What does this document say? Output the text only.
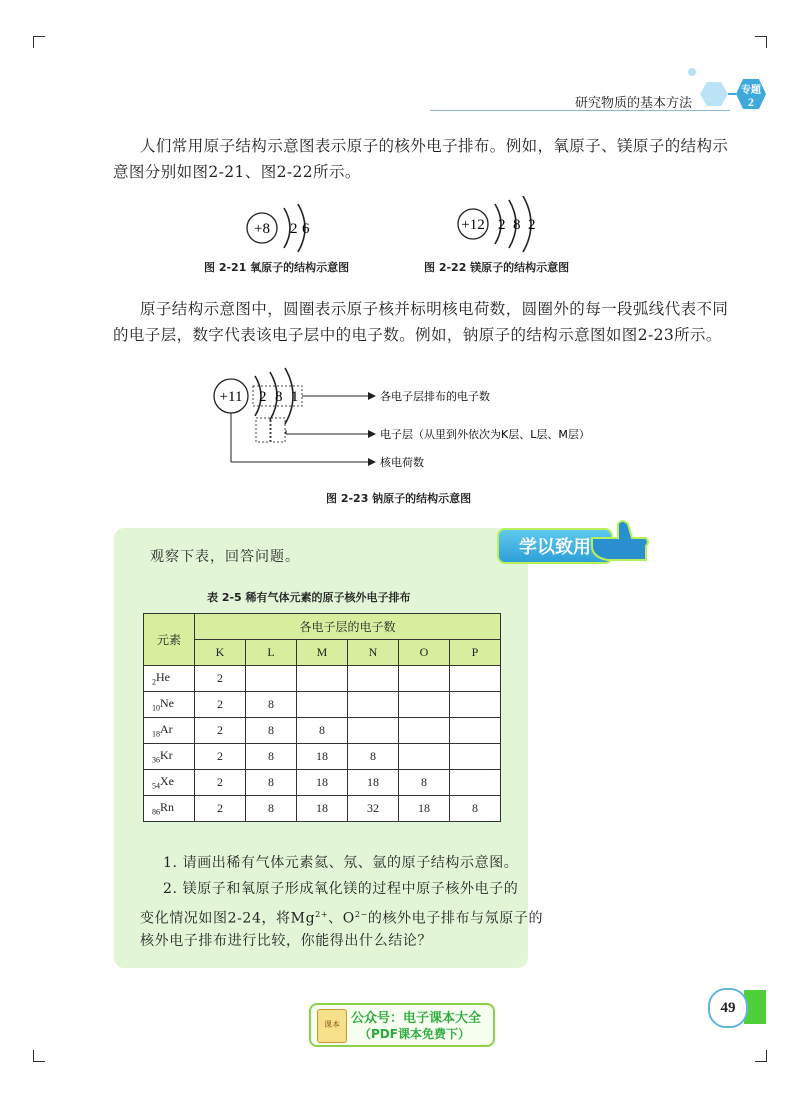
研究物质的基本方法
专题
2
人们常用原子结构示意图表示原子的核外电子排布。例如，氧原子、镁原子的结构示
意图分别如图2-21、图2-22所示。
+8 2 6
图 2-21 氧原子的结构示意图
+12 2 8 2
图 2-22 镁原子的结构示意图
原子结构示意图中，圆圈表示原子核并标明核电荷数，圆圈外的每一段弧线代表不同
的电子层，数字代表该电子层中的电子数。例如，钠原子的结构示意图如图2-23所示。
+11 2 8 1	各电子层排布的电子数
电子层（从里到外依次为K层、L层、M层）
核电荷数
图 2-23 钠原子的结构示意图
学以致用
观察下表，回答问题。
表 2-5 稀有气体元素的原子核外电子排布
元素	各电子层的电子数					
	K	L	M	N	O	P
$_2$He	2					
$_{10}$Ne	2	8				
$_{18}$Ar	2	8	8			
$_{36}$Kr	2	8	18	8		
$_{54}$Xe	2	8	18	18	8	
$_{86}$Rn	2	8	18	32	18	8
1. 请画出稀有气体元素氦、氖、氩的原子结构示意图。
2. 镁原子和氧原子形成氧化镁的过程中原子核外电子的
变化情况如图2-24，将$Mg^{2+}$、$O^{2-}$的核外电子排布与氖原子的
核外电子排布进行比较，你能得出什么结论？
49
课本 公众号：电子课本大全
（PDF课本免费下）
